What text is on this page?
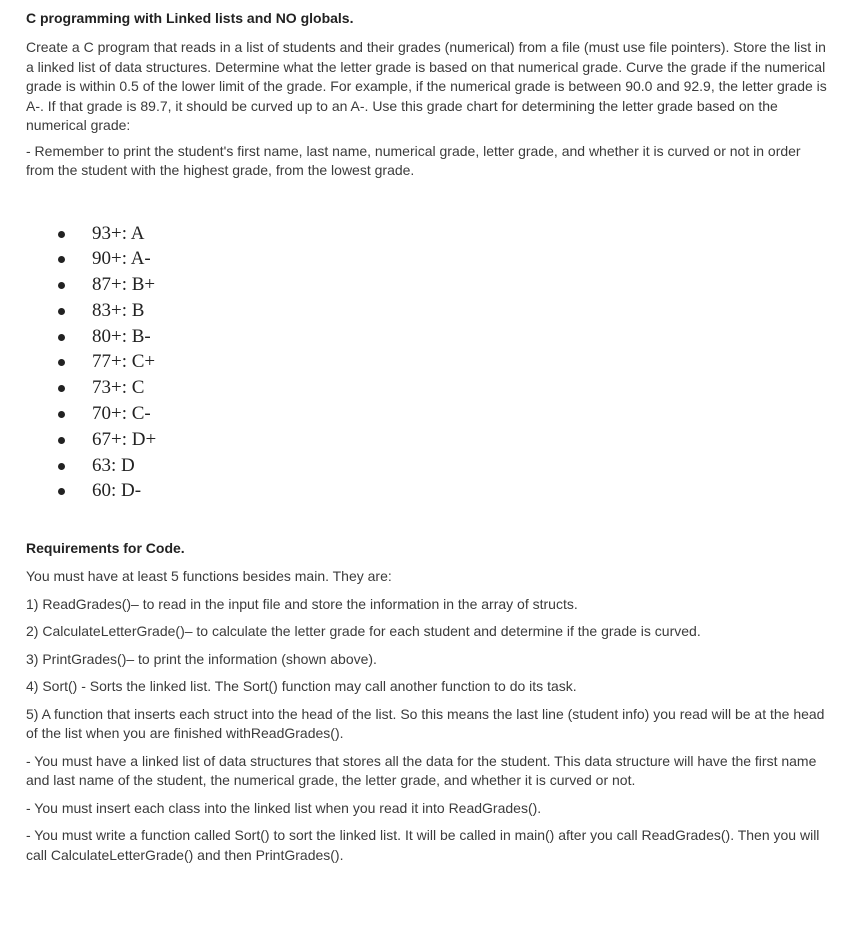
C programming with Linked lists and NO globals.

Create a C program that reads in a list of students and their grades (numerical) from a file (must use file pointers). Store the list in a linked list of data structures. Determine what the letter grade is based on that numerical grade. Curve the grade if the numerical grade is within 0.5 of the lower limit of the grade. For example, if the numerical grade is between 90.0 and 92.9, the letter grade is A-. If that grade is 89.7, it should be curved up to an A-. Use this grade chart for determining the letter grade based on the numerical grade:

- Remember to print the student's first name, last name, numerical grade, letter grade, and whether it is curved or not in order from the student with the highest grade, from the lowest grade.

93+: A
90+: A-
87+: B+
83+: B
80+: B-
77+: C+
73+: C
70+: C-
67+: D+
63: D
60: D-
Requirements for Code.

You must have at least 5 functions besides main. They are:

1) ReadGrades()– to read in the input file and store the information in the array of structs.

2) CalculateLetterGrade()– to calculate the letter grade for each student and determine if the grade is curved.

3) PrintGrades()– to print the information (shown above).

4) Sort() - Sorts the linked list. The Sort() function may call another function to do its task.

5) A function that inserts each struct into the head of the list. So this means the last line (student info) you read will be at the head of the list when you are finished withReadGrades().

- You must have a linked list of data structures that stores all the data for the student. This data structure will have the first name and last name of the student, the numerical grade, the letter grade, and whether it is curved or not.

- You must insert each class into the linked list when you read it into ReadGrades().

- You must write a function called Sort() to sort the linked list. It will be called in main() after you call ReadGrades(). Then you will call CalculateLetterGrade() and then PrintGrades().
